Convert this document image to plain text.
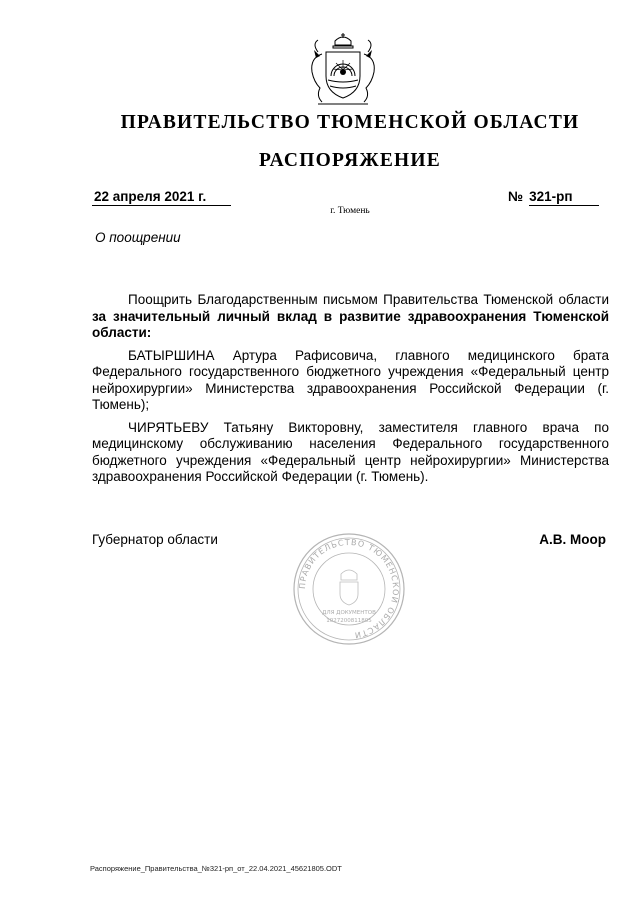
ПРАВИТЕЛЬСТВО ТЮМЕНСКОЙ ОБЛАСТИ
РАСПОРЯЖЕНИЕ
22 апреля 2021 г.	№ 321-рп
г. Тюмень
О поощрении

Поощрить Благодарственным письмом Правительства Тюменской области за значительный личный вклад в развитие здравоохранения Тюменской области:

БАТЫРШИНА Артура Рафисовича, главного медицинского брата Федерального государственного бюджетного учреждения «Федеральный центр нейрохирургии» Министерства здравоохранения Российской Федерации (г. Тюмень);

ЧИРЯТЬЕВУ Татьяну Викторовну, заместителя главного врача по медицинскому обслуживанию населения Федерального государственного бюджетного учреждения «Федеральный центр нейрохирургии» Министерства здравоохранения Российской Федерации (г. Тюмень).

Губернатор области	А.В. Моор
ПРАВИТЕЛЬСТВО ТЮМЕНСКОЙ ОБЛАСТИ
ДЛЯ ДОКУМЕНТОВ
1027200811805
Распоряжение_Правительства_№321-рп_от_22.04.2021_45621805.ODT
